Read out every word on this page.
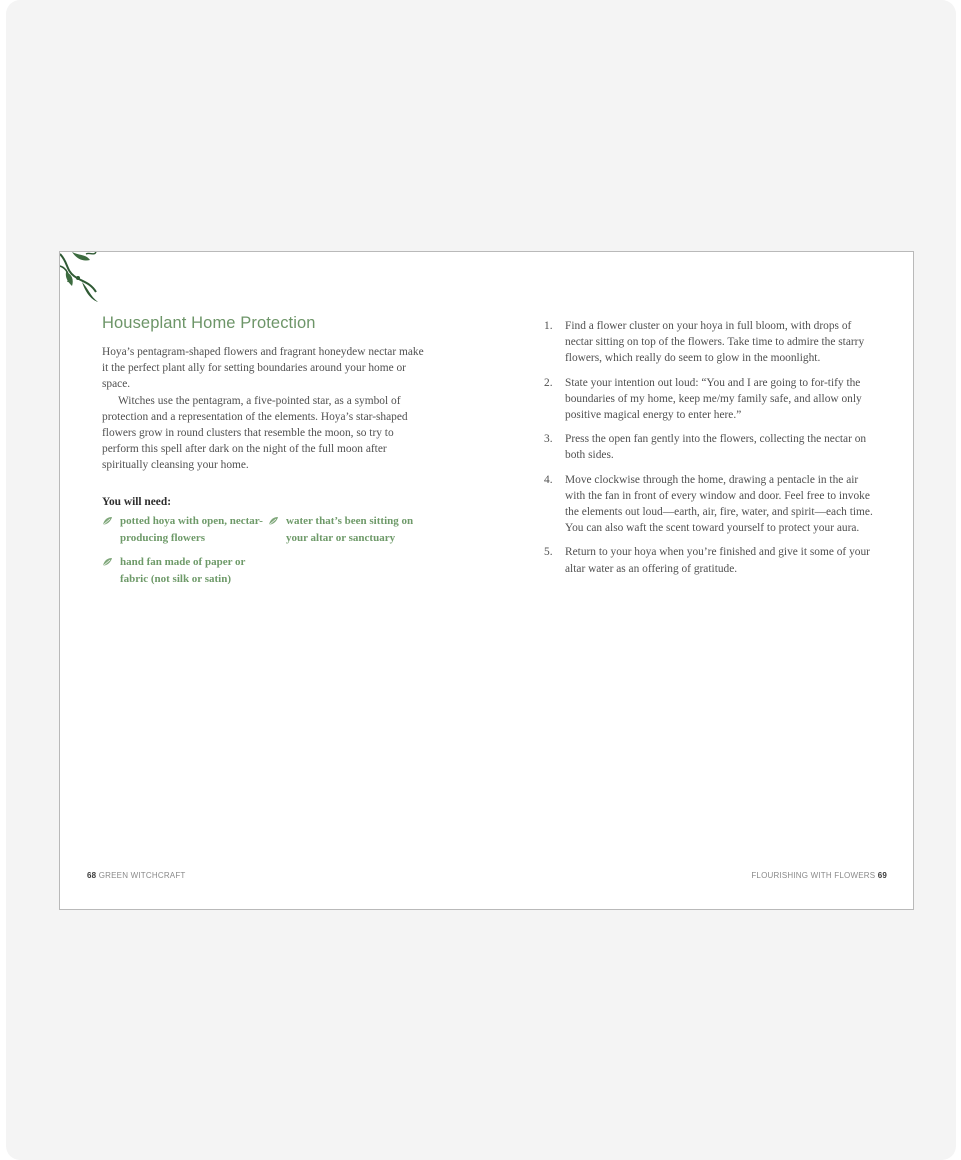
Houseplant Home Protection

Hoya’s pentagram-shaped flowers and fragrant honeydew nectar make it the perfect plant ally for setting boundaries around your home or space.

Witches use the pentagram, a five-pointed star, as a symbol of protection and a representation of the elements. Hoya’s star-shaped flowers grow in round clusters that resemble the moon, so try to perform this spell after dark on the night of the full moon after spiritually cleansing your home.

You will need:
potted hoya with open, nectar-producing flowers
water that’s been sitting on your altar or sanctuary
hand fan made of paper or fabric (not silk or satin)
1. Find a flower cluster on your hoya in full bloom, with drops of nectar sitting on top of the flowers. Take time to admire the starry flowers, which really do seem to glow in the moonlight.
2. State your intention out loud: “You and I are going to for-tify the boundaries of my home, keep me/my family safe, and allow only positive magical energy to enter here.”
3. Press the open fan gently into the flowers, collecting the nectar on both sides.
4. Move clockwise through the home, drawing a pentacle in the air with the fan in front of every window and door. Feel free to invoke the elements out loud—earth, air, fire, water, and spirit—each time. You can also waft the scent toward yourself to protect your aura.
5. Return to your hoya when you’re finished and give it some of your altar water as an offering of gratitude.
68 GREEN WITCHCRAFT	FLOURISHING WITH FLOWERS 69
